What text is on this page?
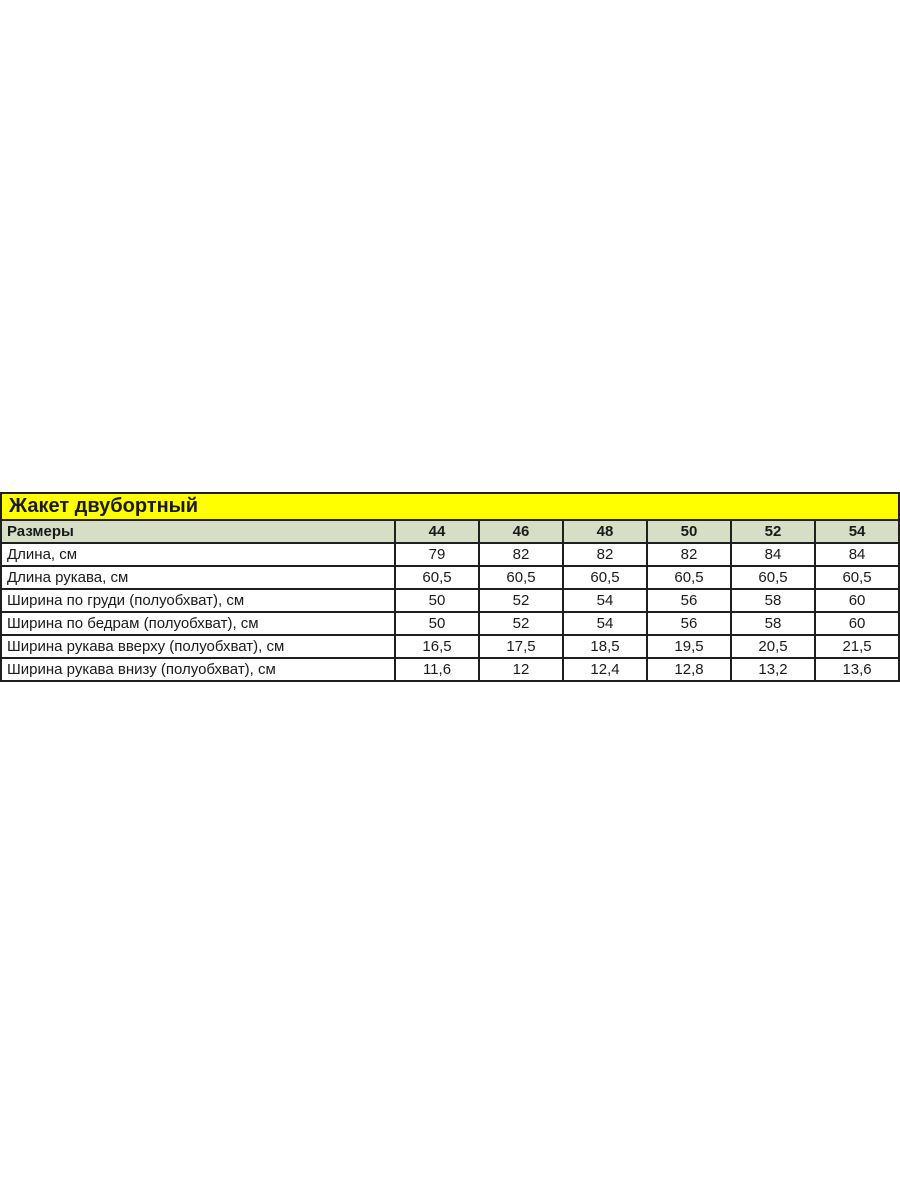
Жакет двубортный						
Размеры	44	46	48	50	52	54
Длина, см	79	82	82	82	84	84
Длина рукава, см	60,5	60,5	60,5	60,5	60,5	60,5
Ширина по груди (полуобхват), см	50	52	54	56	58	60
Ширина по бедрам (полуобхват), см	50	52	54	56	58	60
Ширина рукава вверху (полуобхват), см	16,5	17,5	18,5	19,5	20,5	21,5
Ширина рукава внизу (полуобхват), см	11,6	12	12,4	12,8	13,2	13,6
